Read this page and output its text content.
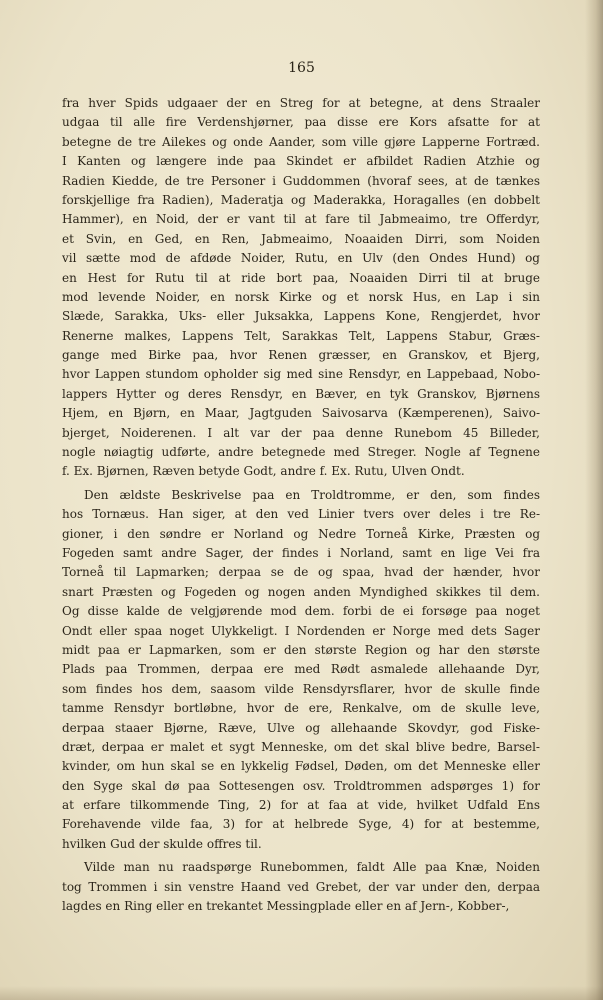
165

fra hver Spids udgaaer der en Streg for at betegne, at dens Straaler
udgaa til alle fire Verdenshjørner, paa disse ere Kors afsatte for at
betegne de tre Ailekes og onde Aander, som ville gjøre Lapperne Fortræd.
I Kanten og længere inde paa Skindet er afbildet Radien Atzhie og
Radien Kiedde, de tre Personer i Guddommen (hvoraf sees, at de tænkes
forskjellige fra Radien), Maderatja og Maderakka, Horagalles (en dobbelt
Hammer), en Noid, der er vant til at fare til Jabmeaimo, tre Offerdyr,
et Svin, en Ged, en Ren, Jabmeaimo, Noaaiden Dirri, som Noiden
vil sætte mod de afdøde Noider, Rutu, en Ulv (den Ondes Hund) og
en Hest for Rutu til at ride bort paa, Noaaiden Dirri til at bruge
mod levende Noider, en norsk Kirke og et norsk Hus, en Lap i sin
Slæde, Sarakka, Uks- eller Juksakka, Lappens Kone, Rengjerdet, hvor
Renerne malkes, Lappens Telt, Sarakkas Telt, Lappens Stabur, Græs-
gange med Birke paa, hvor Renen græsser, en Granskov, et Bjerg,
hvor Lappen stundom opholder sig med sine Rensdyr, en Lappebaad, Nobo-
lappers Hytter og deres Rensdyr, en Bæver, en tyk Granskov, Bjørnens
Hjem, en Bjørn, en Maar, Jagtguden Saivosarva (Kæmperenen), Saivo-
bjerget, Noiderenen. I alt var der paa denne Runebom 45 Billeder,
nogle nøiagtig udførte, andre betegnede med Streger. Nogle af Tegnene
f. Ex. Bjørnen, Ræven betyde Godt, andre f. Ex. Rutu, Ulven Ondt.
Den ældste Beskrivelse paa en Troldtromme, er den, som findes
hos Tornæus. Han siger, at den ved Linier tvers over deles i tre Re-
gioner, i den søndre er Norland og Nedre Torneå Kirke, Præsten og
Fogeden samt andre Sager, der findes i Norland, samt en lige Vei fra
Torneå til Lapmarken; derpaa se de og spaa, hvad der hænder, hvor
snart Præsten og Fogeden og nogen anden Myndighed skikkes til dem.
Og disse kalde de velgjørende mod dem. forbi de ei forsøge paa noget
Ondt eller spaa noget Ulykkeligt. I Nordenden er Norge med dets Sager
midt paa er Lapmarken, som er den største Region og har den største
Plads paa Trommen, derpaa ere med Rødt asmalede allehaande Dyr,
som findes hos dem, saasom vilde Rensdyrsflarer, hvor de skulle finde
tamme Rensdyr bortløbne, hvor de ere, Renkalve, om de skulle leve,
derpaa staaer Bjørne, Ræve, Ulve og allehaande Skovdyr, god Fiske-
dræt, derpaa er malet et sygt Menneske, om det skal blive bedre, Barsel-
kvinder, om hun skal se en lykkelig Fødsel, Døden, om det Menneske eller
den Syge skal dø paa Sottesengen osv. Troldtrommen adspørges 1) for
at erfare tilkommende Ting, 2) for at faa at vide, hvilket Udfald Ens
Forehavende vilde faa, 3) for at helbrede Syge, 4) for at bestemme,
hvilken Gud der skulde offres til.
Vilde man nu raadspørge Runebommen, faldt Alle paa Knæ, Noiden
tog Trommen i sin venstre Haand ved Grebet, der var under den, derpaa
lagdes en Ring eller en trekantet Messingplade eller en af Jern-, Kobber-,
